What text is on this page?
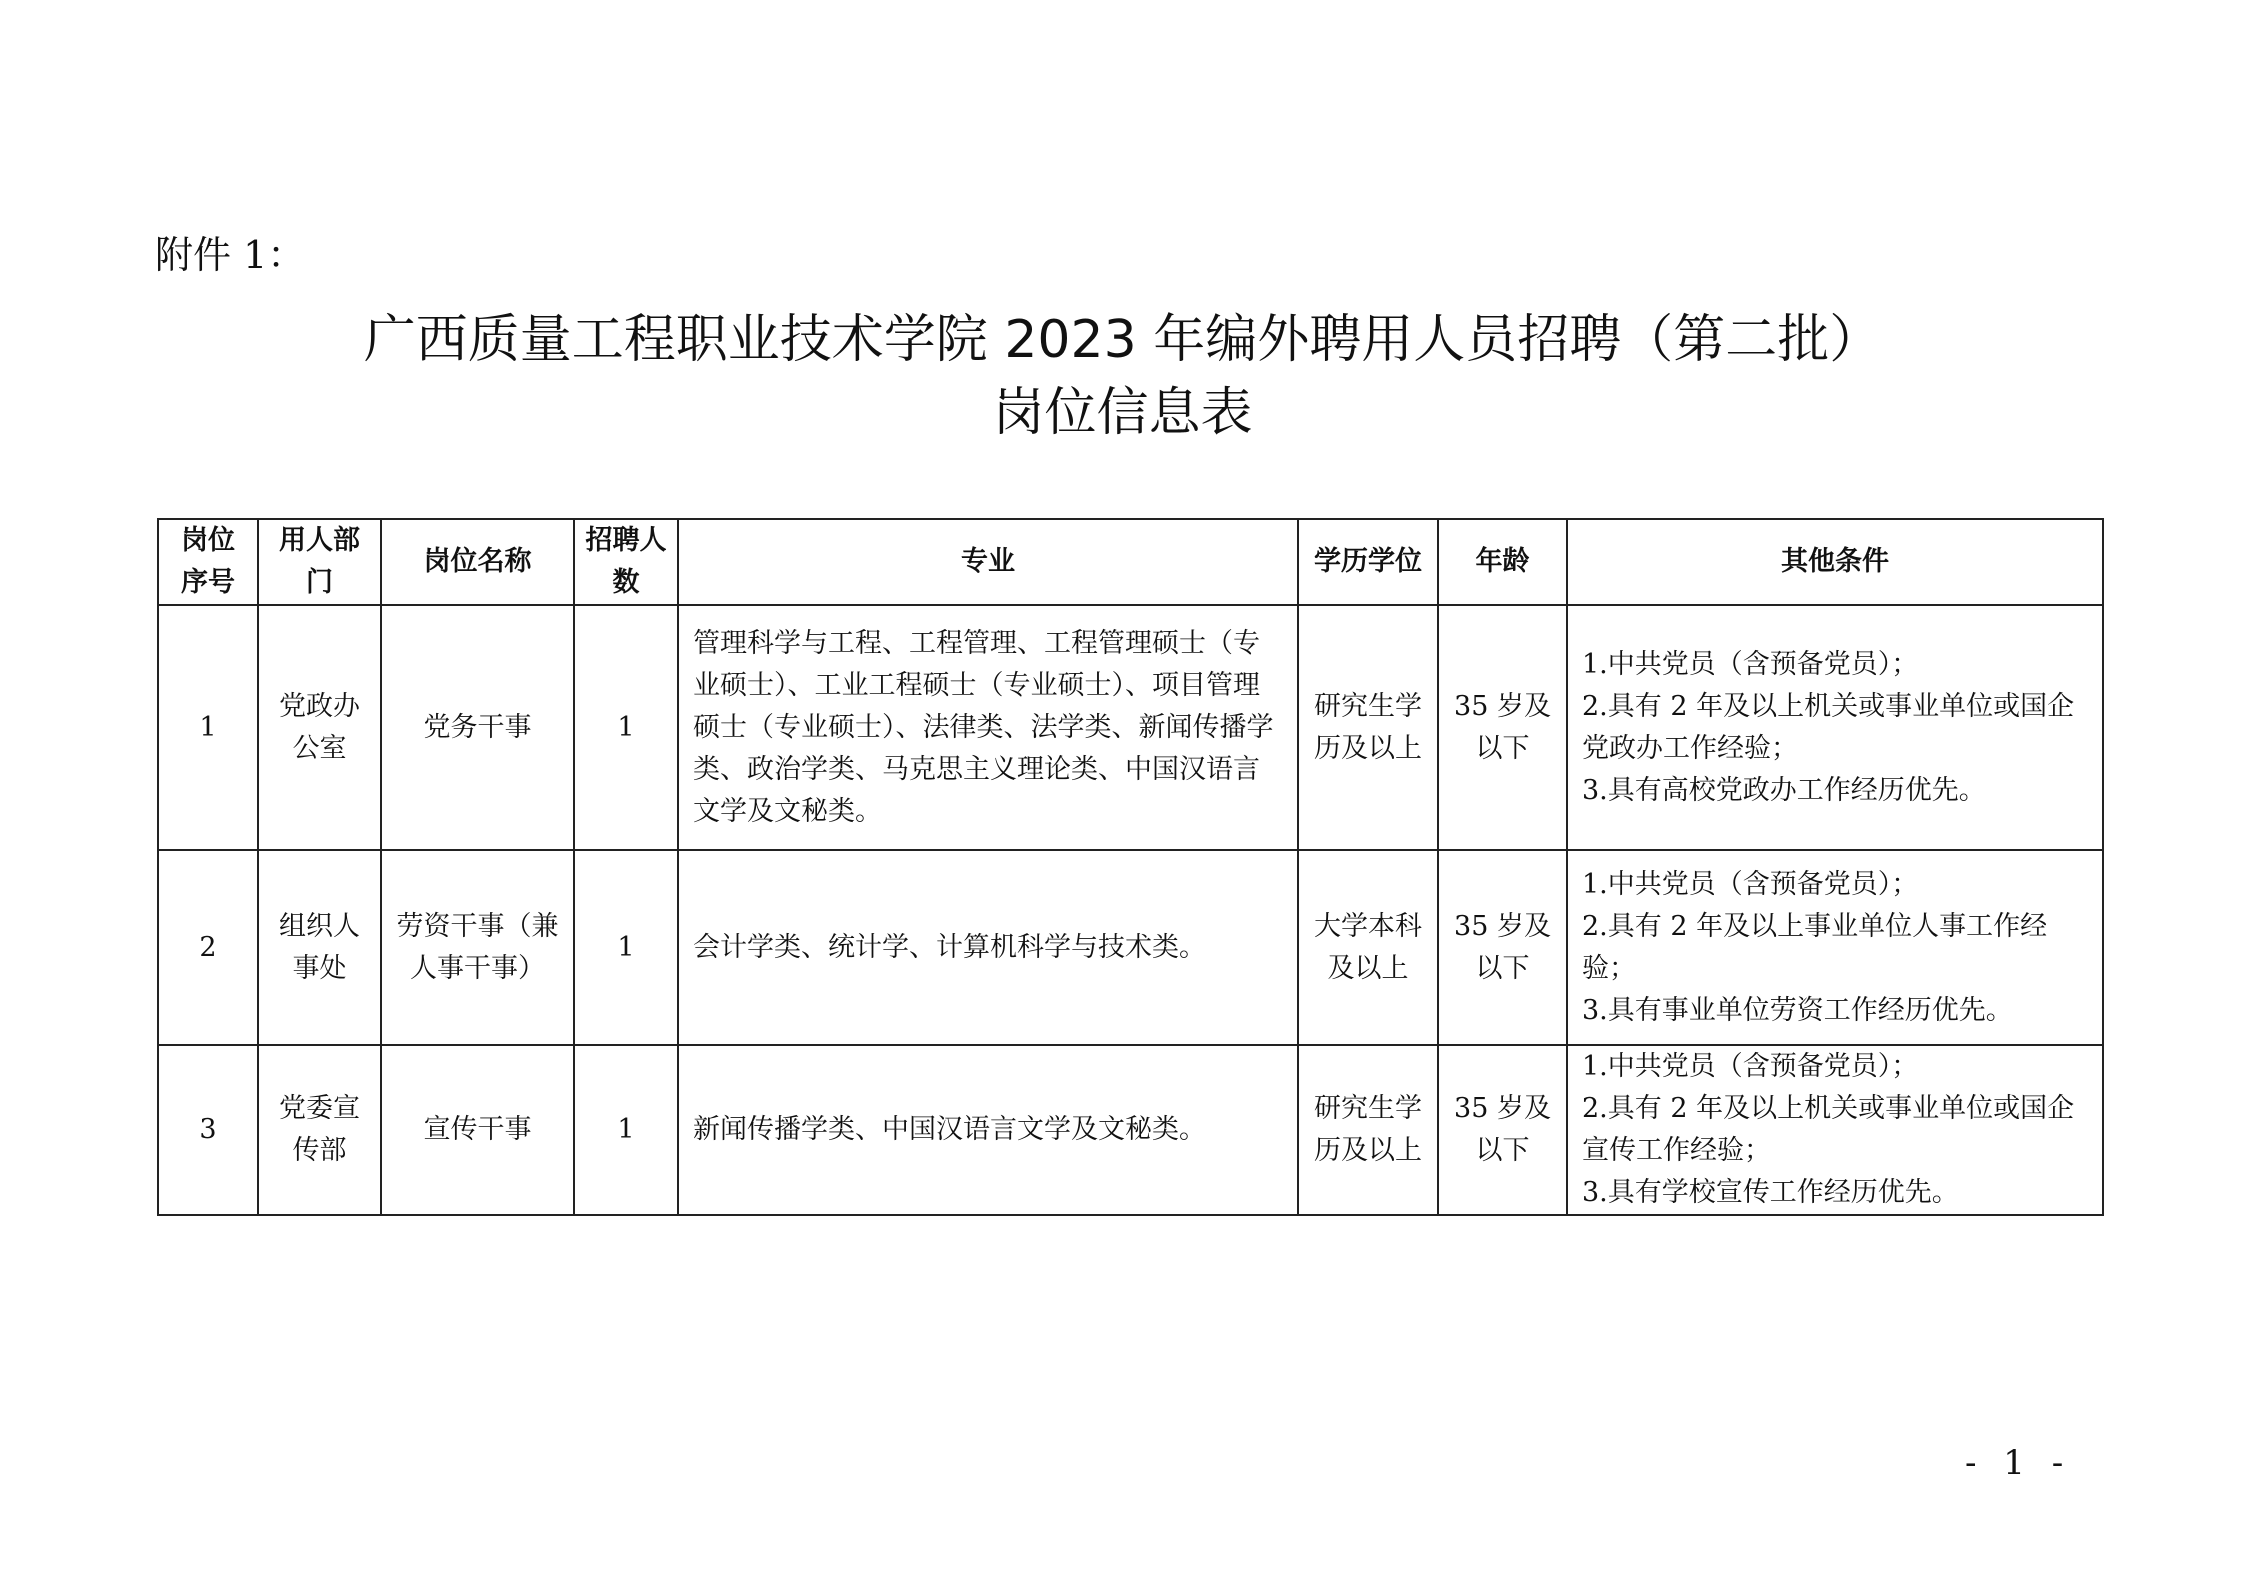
附件 1：
广西质量工程职业技术学院 2023 年编外聘用人员招聘（第二批）
岗位信息表
岗位序号	用人部门	岗位名称	招聘人数	专业	学历学位	年龄	其他条件
1	党政办公室	党务干事	1	管理科学与工程、工程管理、工程管理硕士（专业硕士）、工业工程硕士（专业硕士）、项目管理硕士（专业硕士）、法律类、法学类、新闻传播学类、政治学类、马克思主义理论类、中国汉语言文学及文秘类。	研究生学历及以上	35 岁及以下	1.中共党员（含预备党员）；
2.具有 2 年及以上机关或事业单位或国企党政办工作经验；
3.具有高校党政办工作经历优先。

2	组织人事处	劳资干事（兼人事干事）	1	会计学类、统计学、计算机科学与技术类。	大学本科及以上	35 岁及以下	1.中共党员（含预备党员）；
2.具有 2 年及以上事业单位人事工作经验；
3.具有事业单位劳资工作经历优先。

3	党委宣传部	宣传干事	1	新闻传播学类、中国汉语言文学及文秘类。	研究生学历及以上	35 岁及以下	1.中共党员（含预备党员）；
2.具有 2 年及以上机关或事业单位或国企宣传工作经验；
3.具有学校宣传工作经历优先。
- 1 -
